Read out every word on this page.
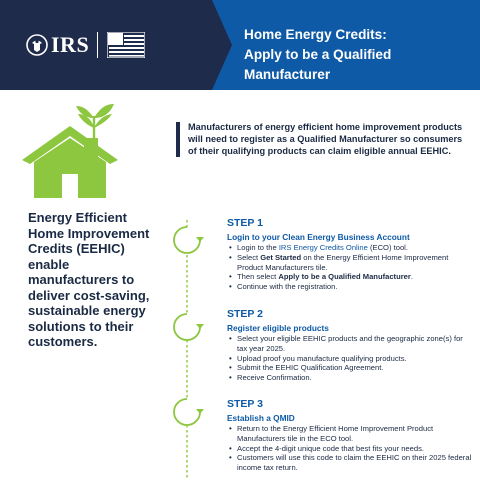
IRS	Home Energy Credits:
Apply to be a Qualified Manufacturer
Manufacturers of energy efficient home improvement products will need to register as a Qualified Manufacturer so consumers of their qualifying products can claim eligible annual EEHIC.
Energy Efficient Home Improvement Credits (EEHIC) enable manufacturers to deliver cost-saving, sustainable energy solutions to their customers.
STEP 1
Login to your Clean Energy Business Account
• Login to the IRS Energy Credits Online (ECO) tool.
• Select Get Started on the Energy Efficient Home Improvement Product Manufacturers tile.
• Then select Apply to be a Qualified Manufacturer.
• Continue with the registration.
STEP 2
Register eligible products
• Select your eligible EEHIC products and the geographic zone(s) for tax year 2025.
• Upload proof you manufacture qualifying products.
• Submit the EEHIC Qualification Agreement.
• Receive Confirmation.
STEP 3
Establish a QMID
• Return to the Energy Efficient Home Improvement Product Manufacturers tile in the ECO tool.
• Accept the 4-digit unique code that best fits your needs.
• Customers will use this code to claim the EEHIC on their 2025 federal income tax return.
